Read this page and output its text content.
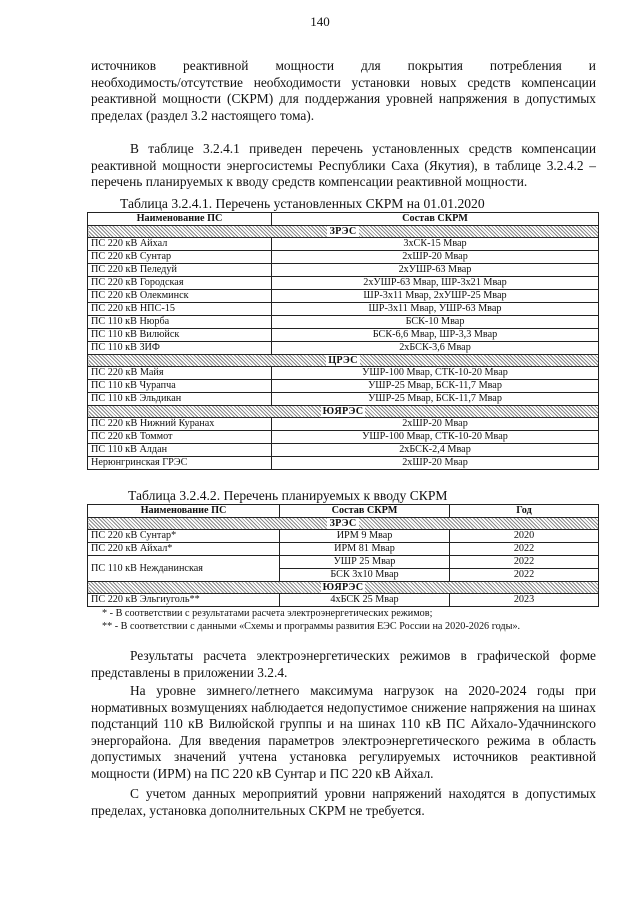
140
источников реактивной мощности для покрытия потребления и
необходимость/отсутствие необходимости установки новых средств компенсации реактивной мощности (СКРМ) для поддержания уровней напряжения в допустимых пределах (раздел 3.2 настоящего тома).

В таблице 3.2.4.1 приведен перечень установленных средств компенсации реактивной мощности энергосистемы Республики Саха (Якутия), в таблице 3.2.4.2 – перечень планируемых к вводу средств компенсации реактивной мощности.

Таблица 3.2.4.1. Перечень установленных СКРМ на 01.01.2020
Наименование ПС	Состав СКРМ
ЗРЭС	
ПС 220 кВ Айхал	3хСК-15 Мвар
ПС 220 кВ Сунтар	2хШР-20 Мвар
ПС 220 кВ Пеледуй	2хУШР-63 Мвар
ПС 220 кВ Городская	2хУШР-63 Мвар, ШР-3х21 Мвар
ПС 220 кВ Олекминск	ШР-3х11 Мвар, 2хУШР-25 Мвар
ПС 220 кВ НПС-15	ШР-3х11 Мвар, УШР-63 Мвар
ПС 110 кВ Нюрба	БСК-10 Мвар
ПС 110 кВ Вилюйск	БСК-6,6 Мвар, ШР-3,3 Мвар
ПС 110 кВ ЗИФ	2хБСК-3,6 Мвар
ЦРЭС	
ПС 220 кВ Майя	УШР-100 Мвар, СТК-10-20 Мвар
ПС 110 кВ Чурапча	УШР-25 Мвар, БСК-11,7 Мвар
ПС 110 кВ Эльдикан	УШР-25 Мвар, БСК-11,7 Мвар
ЮЯРЭС	
ПС 220 кВ Нижний Куранах	2хШР-20 Мвар
ПС 220 кВ Томмот	УШР-100 Мвар, СТК-10-20 Мвар
ПС 110 кВ Алдан	2хБСК-2,4 Мвар
Нерюнгринская ГРЭС	2хШР-20 Мвар
Таблица 3.2.4.2. Перечень планируемых к вводу СКРМ
Наименование ПС	Состав СКРМ	Год
ЗРЭС		
ПС 220 кВ Сунтар*	ИРМ 9 Мвар	2020
ПС 220 кВ Айхал*	ИРМ 81 Мвар	2022
ПС 110 кВ Нежданинская	УШР 25 Мвар	2022
	БСК 3х10 Мвар	2022
ЮЯРЭС		
ПС 220 кВ Эльгиуголь**	4хБСК 25 Мвар	2023
* - В соответствии с результатами расчета электроэнергетических режимов;
** - В соответствии с данными «Схемы и программы развития ЕЭС России на 2020-2026 годы».

Результаты расчета электроэнергетических режимов в графической форме представлены в приложении 3.2.4.

На уровне зимнего/летнего максимума нагрузок на 2020-2024 годы при нормативных возмущениях наблюдается недопустимое снижение напряжения на шинах подстанций 110 кВ Вилюйской группы и на шинах 110 кВ ПС Айхало-Удачнинского энергорайона. Для введения параметров электроэнергетического режима в область допустимых значений учтена установка регулируемых источников реактивной мощности (ИРМ) на ПС 220 кВ Сунтар и ПС 220 кВ Айхал.

С учетом данных мероприятий уровни напряжений находятся в допустимых пределах, установка дополнительных СКРМ не требуется.
